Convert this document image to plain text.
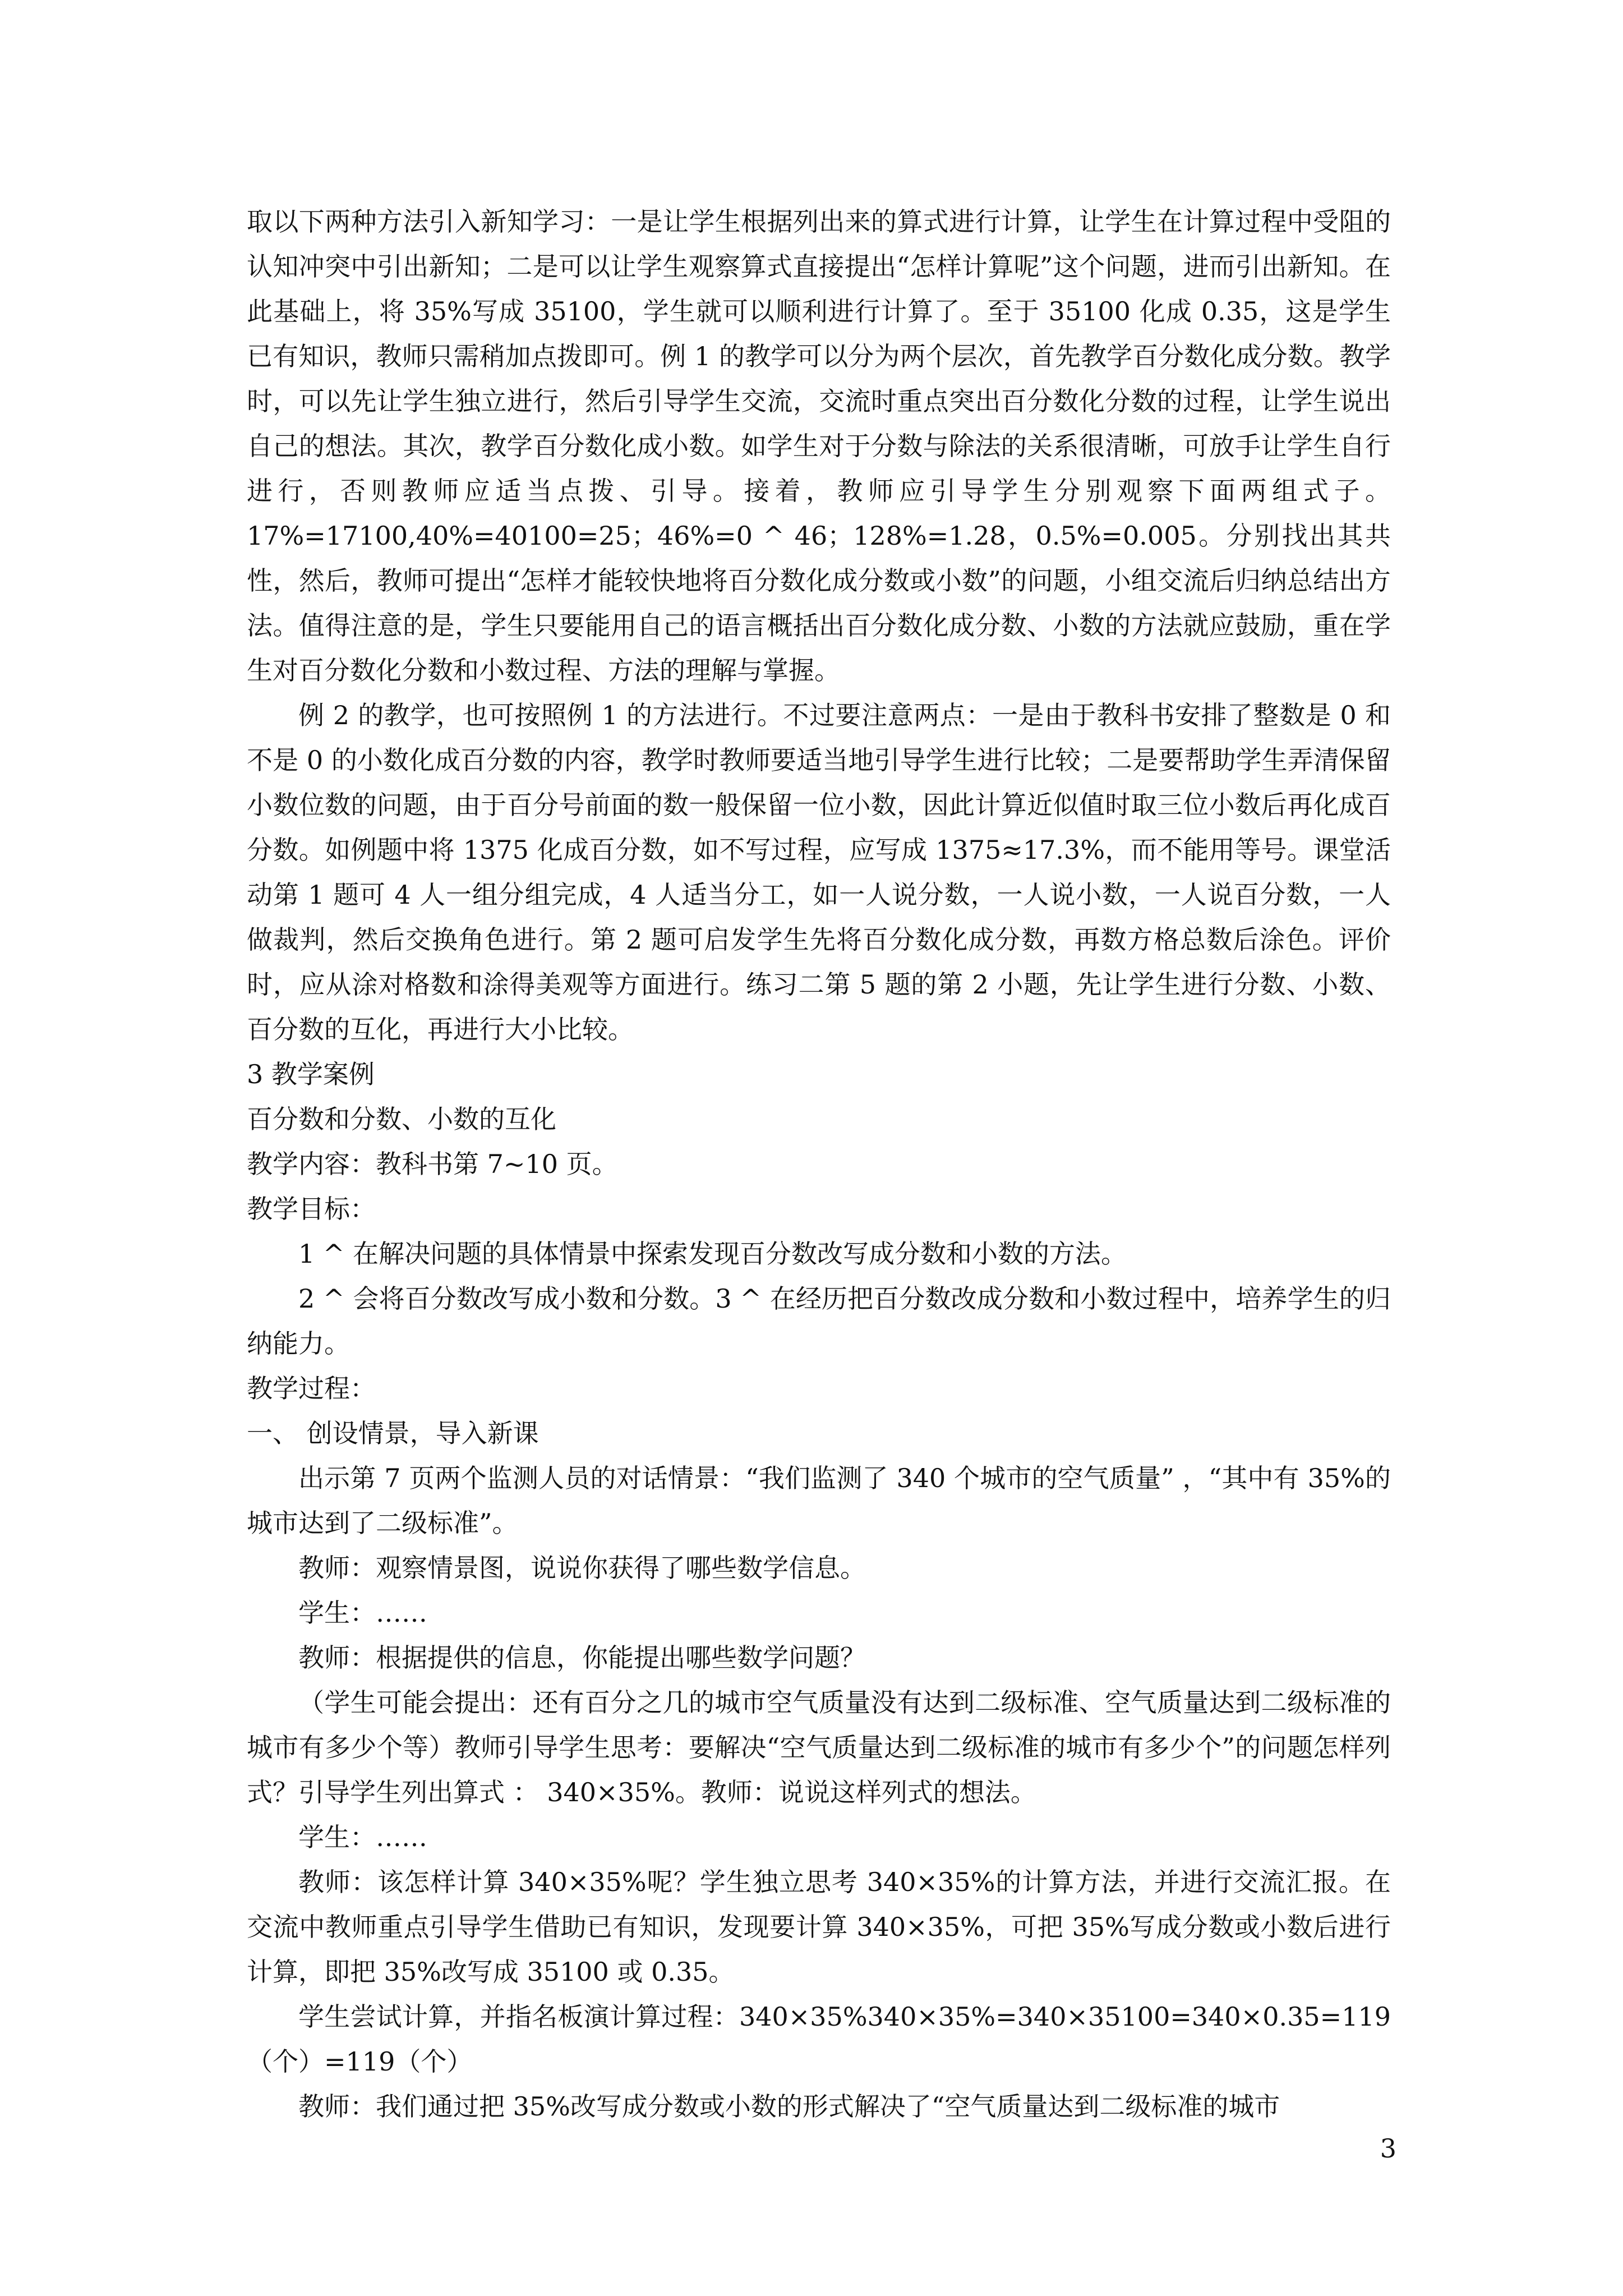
取以下两种方法引入新知学习：一是让学生根据列出来的算式进行计算，让学生在计算过程中受阻的认知冲突中引出新知；二是可以让学生观察算式直接提出“怎样计算呢”这个问题，进而引出新知。在此基础上，将 35%写成 35100，学生就可以顺利进行计算了。至于 35100 化成 0.35，这是学生已有知识，教师只需稍加点拨即可。例 1 的教学可以分为两个层次，首先教学百分数化成分数。教学时，可以先让学生独立进行，然后引导学生交流，交流时重点突出百分数化分数的过程，让学生说出自己的想法。其次，教学百分数化成小数。如学生对于分数与除法的关系很清晰，可放手让学生自行进行，否则教师应适当点拨、引导。接着，教师应引导学生分别观察下面两组式子。17%=17100,40%=40100=25；46%=0 ^ 46；128%=1.28，0.5%=0.005。分别找出其共性，然后，教师可提出“怎样才能较快地将百分数化成分数或小数”的问题，小组交流后归纳总结出方法。值得注意的是，学生只要能用自己的语言概括出百分数化成分数、小数的方法就应鼓励，重在学生对百分数化分数和小数过程、方法的理解与掌握。

例 2 的教学，也可按照例 1 的方法进行。不过要注意两点：一是由于教科书安排了整数是 0 和不是 0 的小数化成百分数的内容，教学时教师要适当地引导学生进行比较；二是要帮助学生弄清保留小数位数的问题，由于百分号前面的数一般保留一位小数，因此计算近似值时取三位小数后再化成百分数。如例题中将 1375 化成百分数，如不写过程，应写成 1375≈17.3%，而不能用等号。课堂活动第 1 题可 4 人一组分组完成，4 人适当分工，如一人说分数，一人说小数，一人说百分数，一人做裁判，然后交换角色进行。第 2 题可启发学生先将百分数化成分数，再数方格总数后涂色。评价时，应从涂对格数和涂得美观等方面进行。练习二第 5 题的第 2 小题，先让学生进行分数、小数、百分数的互化，再进行大小比较。

3 教学案例

百分数和分数、小数的互化

教学内容：教科书第 7~10 页。

教学目标：

1 ^ 在解决问题的具体情景中探索发现百分数改写成分数和小数的方法。

2 ^ 会将百分数改写成小数和分数。3 ^ 在经历把百分数改成分数和小数过程中，培养学生的归纳能力。

教学过程：

一、 创设情景，导入新课

出示第 7 页两个监测人员的对话情景：“我们监测了 340 个城市的空气质量” ，“其中有 35%的城市达到了二级标准”。

教师：观察情景图，说说你获得了哪些数学信息。

学生：……

教师：根据提供的信息，你能提出哪些数学问题？

（学生可能会提出：还有百分之几的城市空气质量没有达到二级标准、空气质量达到二级标准的城市有多少个等）教师引导学生思考：要解决“空气质量达到二级标准的城市有多少个”的问题怎样列式？引导学生列出算式 ： 340×35%。教师：说说这样列式的想法。

学生：……

教师：该怎样计算 340×35%呢？学生独立思考 340×35%的计算方法，并进行交流汇报。在交流中教师重点引导学生借助已有知识，发现要计算 340×35%，可把 35%写成分数或小数后进行计算，即把 35%改写成 35100 或 0.35。

学生尝试计算，并指名板演计算过程：340×35%340×35%=340×35100=340×0.35=119（个）=119（个）

教师：我们通过把 35%改写成分数或小数的形式解决了“空气质量达到二级标准的城市

3
